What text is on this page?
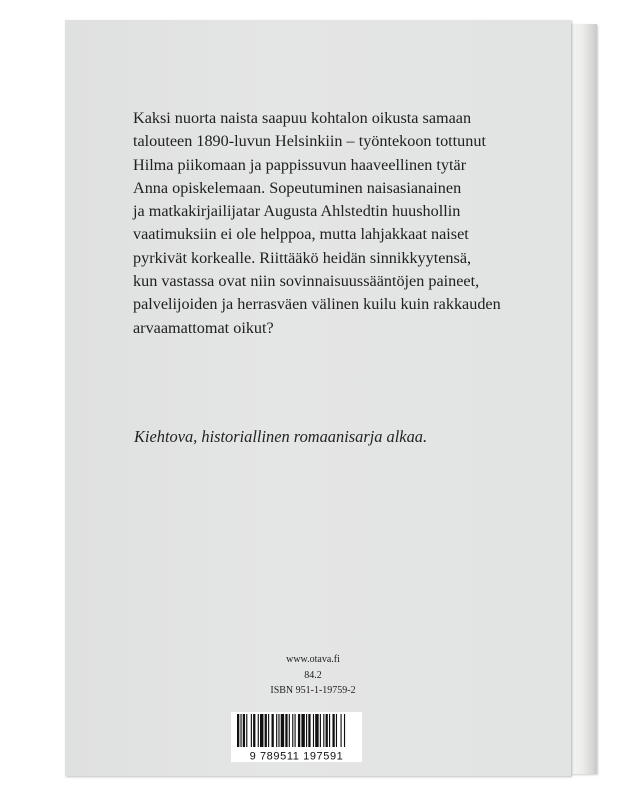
Kaksi nuorta naista saapuu kohtalon oikusta samaan
talouteen 1890-luvun Helsinkiin – työntekoon tottunut
Hilma piikomaan ja pappissuvun haaveellinen tytär
Anna opiskelemaan. Sopeutuminen naisasianainen
ja matkakirjailijatar Augusta Ahlstedtin huushollin
vaatimuksiin ei ole helppoa, mutta lahjakkaat naiset
pyrkivät korkealle. Riittääkö heidän sinnikkyytensä,
kun vastassa ovat niin sovinnaisuussääntöjen paineet,
palvelijoiden ja herrasväen välinen kuilu kuin rakkauden
arvaamattomat oikut?

Kiehtova, historiallinen romaanisarja alkaa.
www.otava.fi
84.2
ISBN 951-1-19759-2
9 789511 197591
